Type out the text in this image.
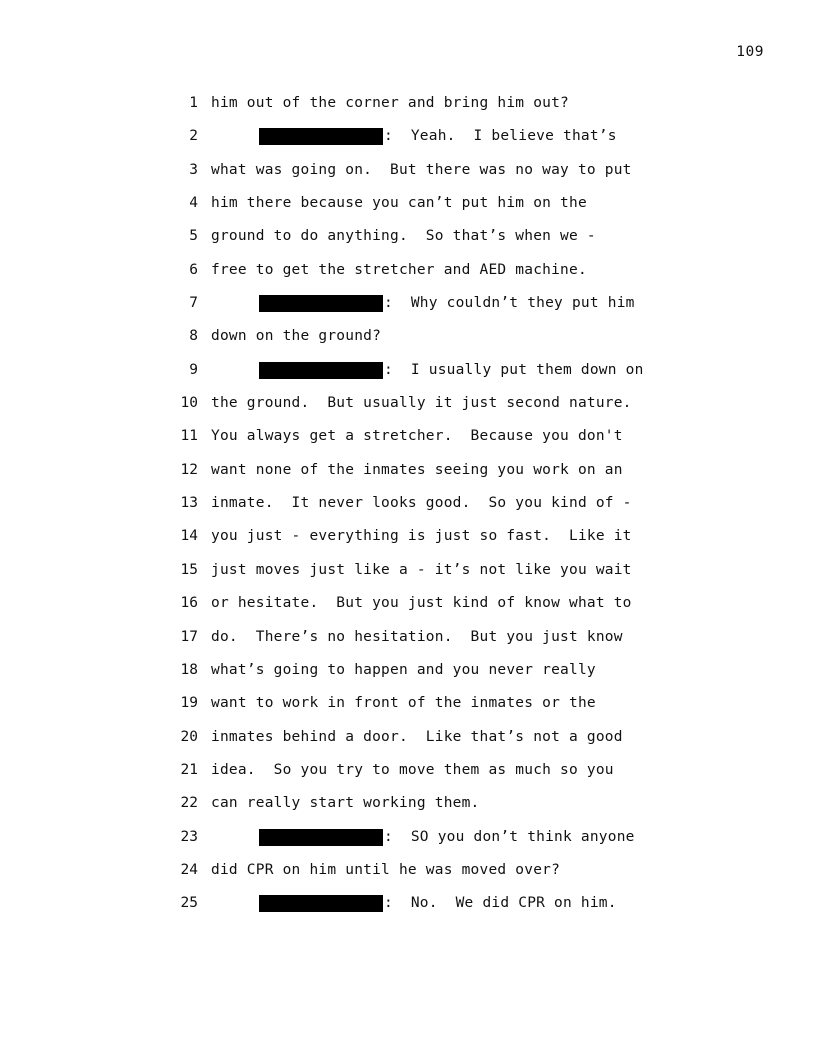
109
1 him out of the corner and bring him out?
2	:  Yeah.  I believe that’s
3 what was going on.  But there was no way to put
4 him there because you can’t put him on the
5 ground to do anything.  So that’s when we -
6 free to get the stretcher and AED machine.
7	:  Why couldn’t they put him
8 down on the ground?
9	:  I usually put them down on
10 the ground.  But usually it just second nature.
11 You always get a stretcher.  Because you don't
12 want none of the inmates seeing you work on an
13 inmate.  It never looks good.  So you kind of -
14 you just - everything is just so fast.  Like it
15 just moves just like a - it’s not like you wait
16 or hesitate.  But you just kind of know what to
17 do.  There’s no hesitation.  But you just know
18 what’s going to happen and you never really
19 want to work in front of the inmates or the
20 inmates behind a door.  Like that’s not a good
21 idea.  So you try to move them as much so you
22 can really start working them.
23	:  SO you don’t think anyone
24 did CPR on him until he was moved over?
25	:  No.  We did CPR on him.
